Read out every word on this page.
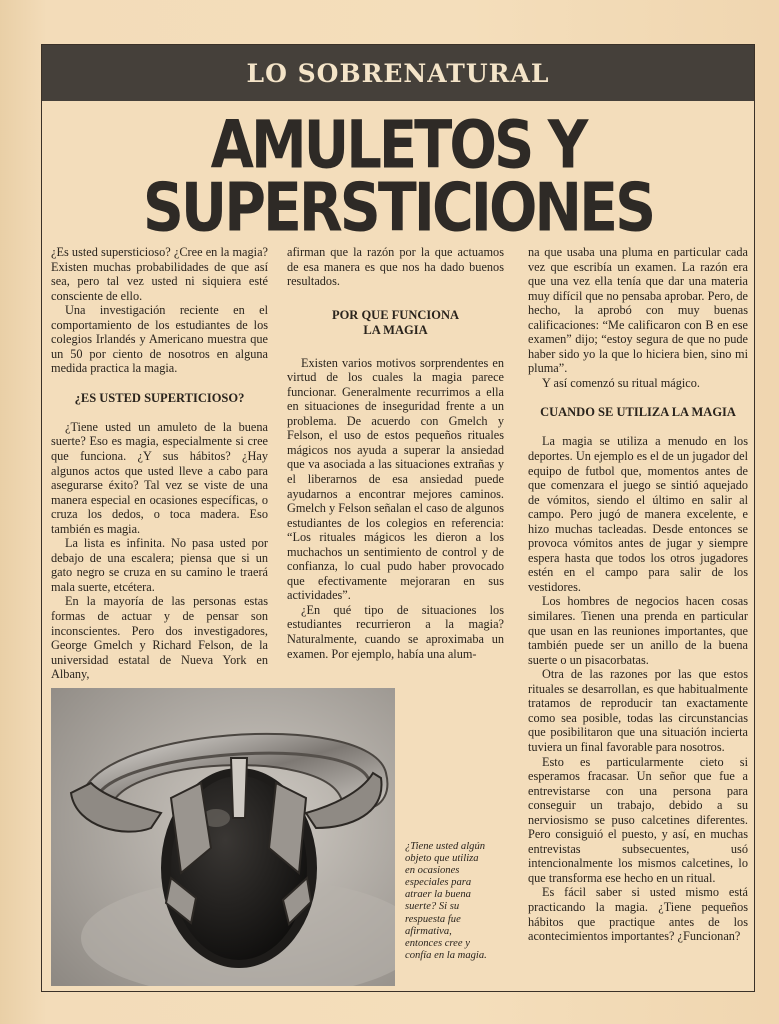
LO SOBRENATURAL
AMULETOS Y
SUPERSTICIONES

¿Es usted supersticioso? ¿Cree en la magia? Existen muchas probabilidades de que así sea, pero tal vez usted ni siquiera esté consciente de ello.

Una investigación reciente en el comportamiento de los estudiantes de los colegios Irlandés y Americano muestra que un 50 por ciento de nosotros en alguna medida practica la magia.

¿ES USTED SUPERTICIOSO?

¿Tiene usted un amuleto de la buena suerte? Eso es magia, especialmente si cree que funciona. ¿Y sus hábitos? ¿Hay algunos actos que usted lleve a cabo para asegurarse éxito? Tal vez se viste de una manera especial en ocasiones específicas, o cruza los dedos, o toca madera. Eso también es magia.

La lista es infinita. No pasa usted por debajo de una escalera; piensa que si un gato negro se cruza en su camino le traerá mala suerte, etcétera.

En la mayoría de las personas estas formas de actuar y de pensar son inconscientes. Pero dos investigadores, George Gmelch y Richard Felson, de la universidad estatal de Nueva York en Albany,

afirman que la razón por la que actuamos de esa manera es que nos ha dado buenos resultados.

POR QUE FUNCIONA
LA MAGIA

Existen varios motivos sorprendentes en virtud de los cuales la magia parece funcionar. Generalmente recurrimos a ella en situaciones de inseguridad frente a un problema. De acuerdo con Gmelch y Felson, el uso de estos pequeños rituales mágicos nos ayuda a superar la ansiedad que va asociada a las situaciones extrañas y el liberarnos de esa ansiedad puede ayudarnos a encontrar mejores caminos. Gmelch y Felson señalan el caso de algunos estudiantes de los colegios en referencia: “Los rituales mágicos les dieron a los muchachos un sentimiento de control y de confianza, lo cual pudo haber provocado que efectivamente mejoraran en sus actividades”.

¿En qué tipo de situaciones los estudiantes recurrieron a la magia? Naturalmente, cuando se aproximaba un examen. Por ejemplo, había una alum-

na que usaba una pluma en particular cada vez que escribía un examen. La razón era que una vez ella tenía que dar una materia muy difícil que no pensaba aprobar. Pero, de hecho, la aprobó con muy buenas calificaciones: “Me calificaron con B en ese examen” dijo; “estoy segura de que no pude haber sido yo la que lo hiciera bien, sino mi pluma”.

Y así comenzó su ritual mágico.

CUANDO SE UTILIZA LA MAGIA

La magia se utiliza a menudo en los deportes. Un ejemplo es el de un jugador del equipo de futbol que, momentos antes de que comenzara el juego se sintió aquejado de vómitos, siendo el último en salir al campo. Pero jugó de manera excelente, e hizo muchas tacleadas. Desde entonces se provoca vómitos antes de jugar y siempre espera hasta que todos los otros jugadores estén en el campo para salir de los vestidores.

Los hombres de negocios hacen cosas similares. Tienen una prenda en particular que usan en las reuniones importantes, que también puede ser un anillo de la buena suerte o un pisacorbatas.

Otra de las razones por las que estos rituales se desarrollan, es que habitualmente tratamos de reproducir tan exactamente como sea posible, todas las circunstancias que posibilitaron que una situación incierta tuviera un final favorable para nosotros.

Esto es particularmente cieto si esperamos fracasar. Un señor que fue a entrevistarse con una persona para conseguir un trabajo, debido a su nerviosismo se puso calcetines diferentes. Pero consiguió el puesto, y así, en muchas entrevistas subsecuentes, usó intencionalmente los mismos calcetines, lo que transforma ese hecho en un ritual.

Es fácil saber si usted mismo está practicando la magia. ¿Tiene pequeños hábitos que practique antes de los acontecimientos importantes? ¿Funcionan?

¿Tiene usted algún objeto que utiliza en ocasiones especiales para atraer la buena suerte? Si su respuesta fue afirmativa, entonces cree y confía en la magia.
